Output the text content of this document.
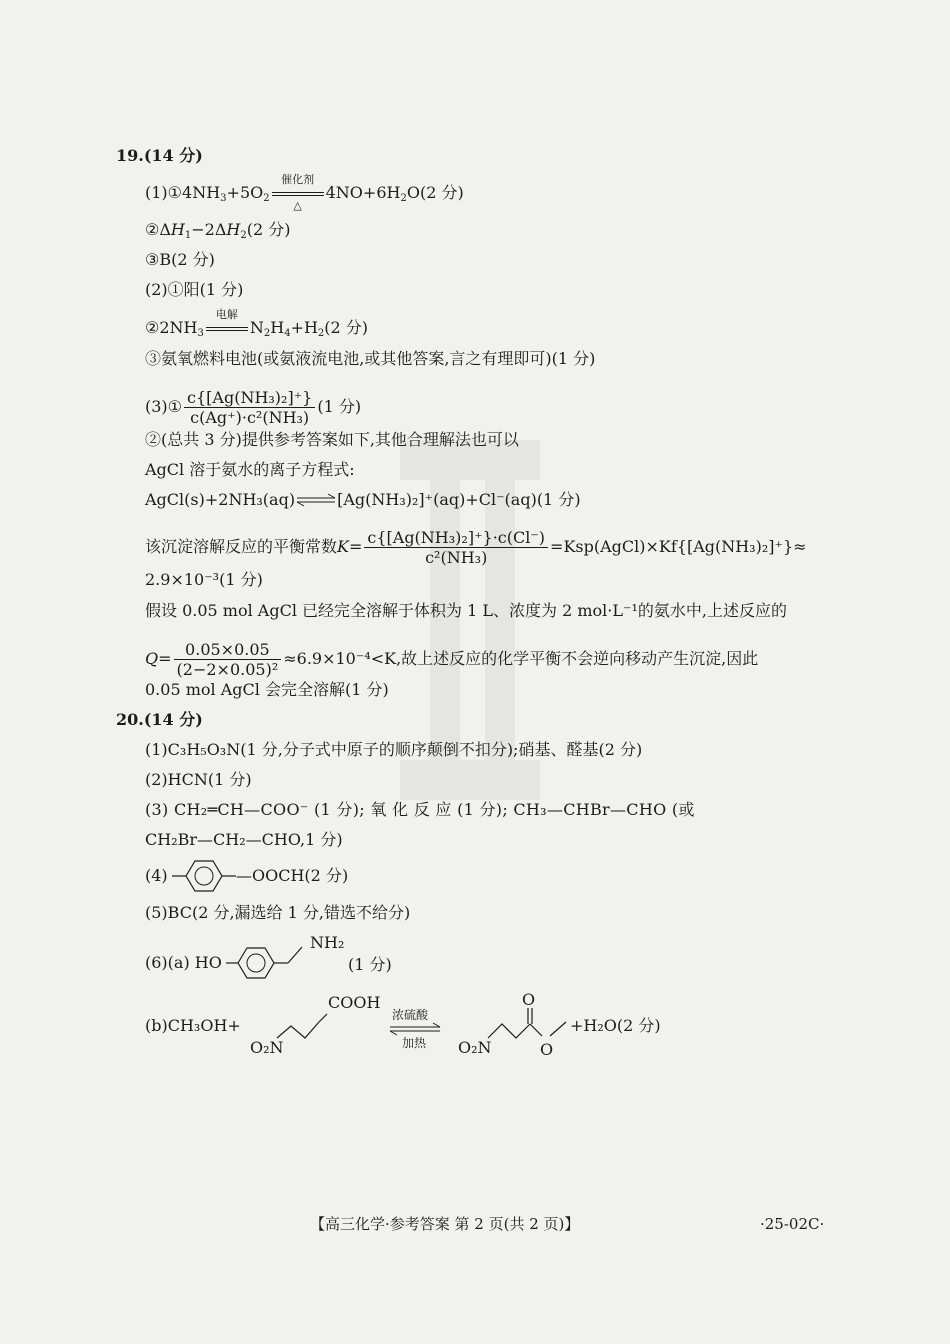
19.(14 分)
$(1)①4NH_3+5O_2$
催化剂
△
$4NO+6H_2O(2$ 分)
$②\Delta H_1-2\Delta H_2(2$ 分)
③B(2 分)
(2)①阳(1 分)
$②2NH_3$
电解
$N_2H_4+H_2(2$ 分)
③氨氧燃料电池(或氨液流电池,或其他答案,言之有理即可)(1 分)
(3)① $\frac{\text{c\{[Ag(NH₃)₂]⁺\}}}{\text{c(Ag⁺)·c²(NH₃)}} (1$ 分)
②(总共 3 分)提供参考答案如下,其他合理解法也可以
AgCl 溶于氨水的离子方程式:
AgCl(s)+2NH₃(aq)⇌[Ag(NH₃)₂]⁺(aq)+Cl⁻(aq)(1 分)
该沉淀溶解反应的平衡常数$K= \frac{\text{c\{[Ag(NH₃)₂]⁺\}·c(Cl⁻)}}{\text{c²(NH₃)}}$ =Ksp(AgCl)×Kf{[Ag(NH₃)₂]⁺}≈
2.9×10⁻³(1 分)
假设 0.05 mol AgCl 已经完全溶解于体积为 1 L、浓度为 2 mol·L⁻¹的氨水中,上述反应的
$Q= \frac{0.05\times 0.05}{\text{(2−2×0.05)²}} \approx 6.9\times 10^{-4}<K$,故上述反应的化学平衡不会逆向移动产生沉淀,因此
0.05 mol AgCl 会完全溶解(1 分)
20.(14 分)
(1)C₃H₅O₃N(1 分,分子式中原子的顺序颠倒不扣分);硝基、醛基(2 分)
(2)HCN(1 分)
(3) CH₂═CH—COO⁻ (1 分); 氧 化 反 应 (1 分); CH₃—CHBr—CHO (或
CH₂Br—CH₂—CHO,1 分)
(4)	—OOCH(2 分)
(5)BC(2 分,漏选给 1 分,错选不给分)
(6)(a) HO
NH₂
(1 分)
(b)CH₃OH+
COOH
O₂N
浓硫酸
加热 O₂N
O
O
+H₂O(2 分)
【高三化学·参考答案 第 2 页(共 2 页)】	·25-02C·
